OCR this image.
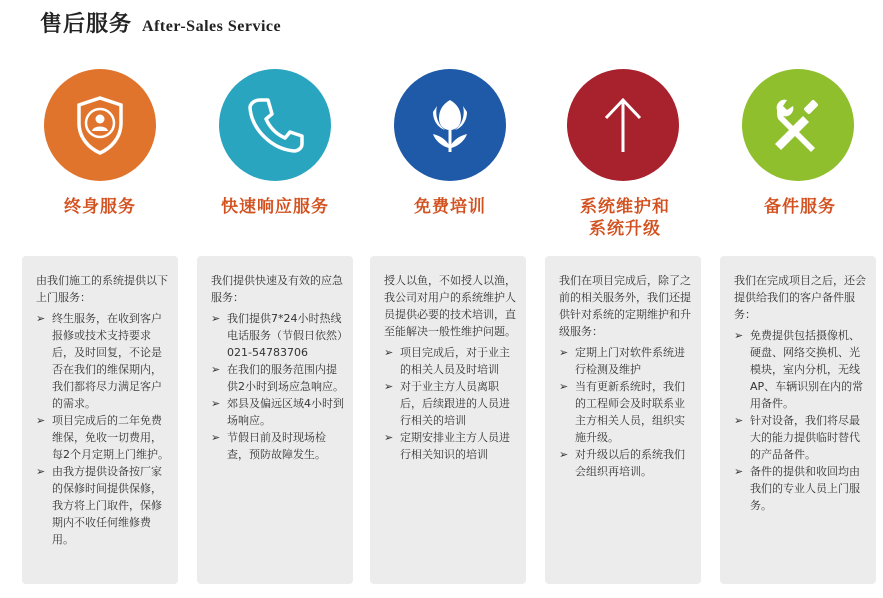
售后服务 After-Sales Service
终身服务

由我们施工的系统提供以下上门服务：

➢ 终生服务，在收到客户报修或技术支持要求后，及时回复，不论是否在我们的维保期内，我们都将尽力满足客户的需求。
➢ 项目完成后的二年免费维保，免收一切费用，每2个月定期上门维护。
➢ 由我方提供设备按厂家的保修时间提供保修，我方将上门取件，保修期内不收任何维修费用。
快速响应服务

我们提供快速及有效的应急服务：

➢ 我们提供7*24小时热线电话服务（节假日依然）021-54783706
➢ 在我们的服务范围内提供2小时到场应急响应。
➢ 郊县及偏远区域4小时到场响应。
➢ 节假日前及时现场检查，预防故障发生。
免费培训

授人以鱼，不如授人以渔，我公司对用户的系统维护人员提供必要的技术培训，直至能解决一般性维护问题。

➢ 项目完成后，对于业主的相关人员及时培训
➢ 对于业主方人员离职后，后续跟进的人员进行相关的培训
➢ 定期安排业主方人员进行相关知识的培训
系统维护和
系统升级

我们在项目完成后，除了之前的相关服务外，我们还提供针对系统的定期维护和升级服务：

➢ 定期上门对软件系统进行检测及维护
➢ 当有更新系统时，我们的工程师会及时联系业主方相关人员，组织实施升级。
➢ 对升级以后的系统我们会组织再培训。
备件服务

我们在完成项目之后，还会提供给我们的客户备件服务：

➢ 免费提供包括摄像机、硬盘、网络交换机、光模块，室内分机，无线AP、车辆识别在内的常用备件。
➢ 针对设备，我们将尽最大的能力提供临时替代的产品备件。
➢ 备件的提供和收回均由我们的专业人员上门服务。
